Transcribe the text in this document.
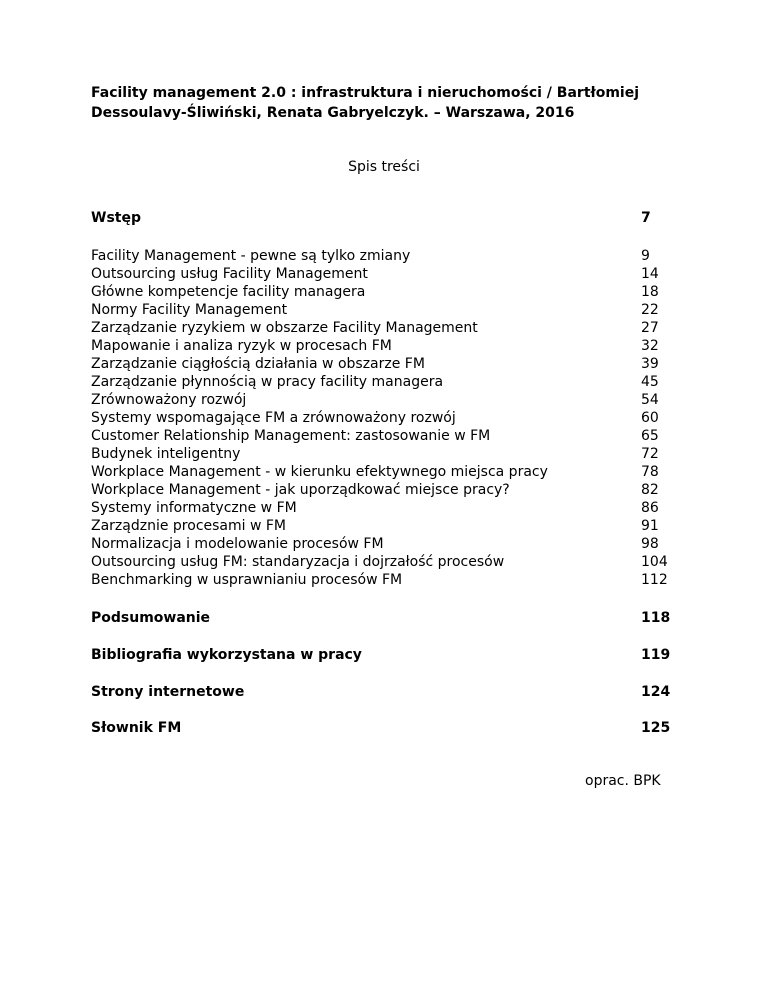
Facility management 2.0 : infrastruktura i nieruchomości / Bartłomiej
Dessoulavy-Śliwiński, Renata Gabryelczyk. – Warszawa, 2016
Spis treści
Wstęp	7
Facility Management - pewne są tylko zmiany	9
Outsourcing usług Facility Management	14
Główne kompetencje facility managera	18
Normy Facility Management	22
Zarządzanie ryzykiem w obszarze Facility Management	27
Mapowanie i analiza ryzyk w procesach FM	32
Zarządzanie ciągłością działania w obszarze FM	39
Zarządzanie płynnością w pracy facility managera	45
Zrównoważony rozwój	54
Systemy wspomagające FM a zrównoważony rozwój	60
Customer Relationship Management: zastosowanie w FM	65
Budynek inteligentny	72
Workplace Management - w kierunku efektywnego miejsca pracy	78
Workplace Management - jak uporządkować miejsce pracy?	82
Systemy informatyczne w FM	86
Zarządznie procesami w FM	91
Normalizacja i modelowanie procesów FM	98
Outsourcing usług FM: standaryzacja i dojrzałość procesów	104
Benchmarking w usprawnianiu procesów FM	112
Podsumowanie	118
Bibliografia wykorzystana w pracy	119
Strony internetowe	124
Słownik FM	125
oprac. BPK
